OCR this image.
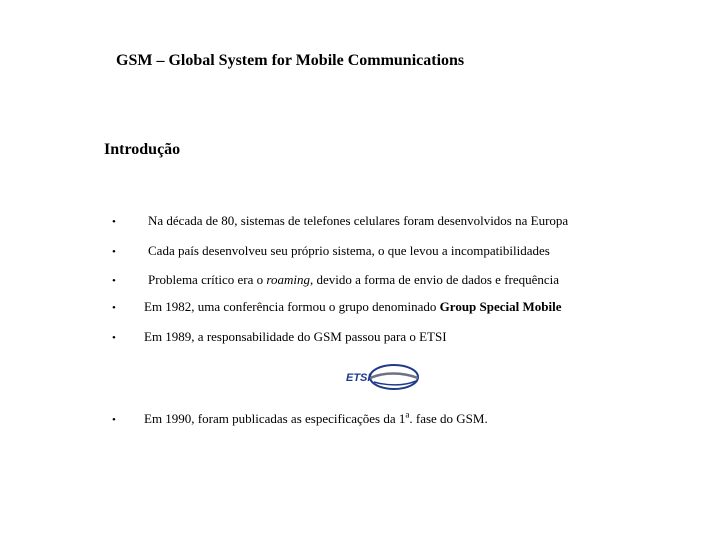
GSM – Global System for Mobile Communications
Introdução
• Na década de 80, sistemas de telefones celulares foram desenvolvidos na Europa
• Cada país desenvolveu seu próprio sistema, o que levou a incompatibilidades
• Problema crítico era o roaming, devido a forma de envio de dados e frequência
• Em 1982, uma conferência formou o grupo denominado Group Special Mobile
• Em 1989, a responsabilidade do GSM passou para o ETSI
ETSI
• Em 1990, foram publicadas as especificações da 1$^a$. fase do GSM.
